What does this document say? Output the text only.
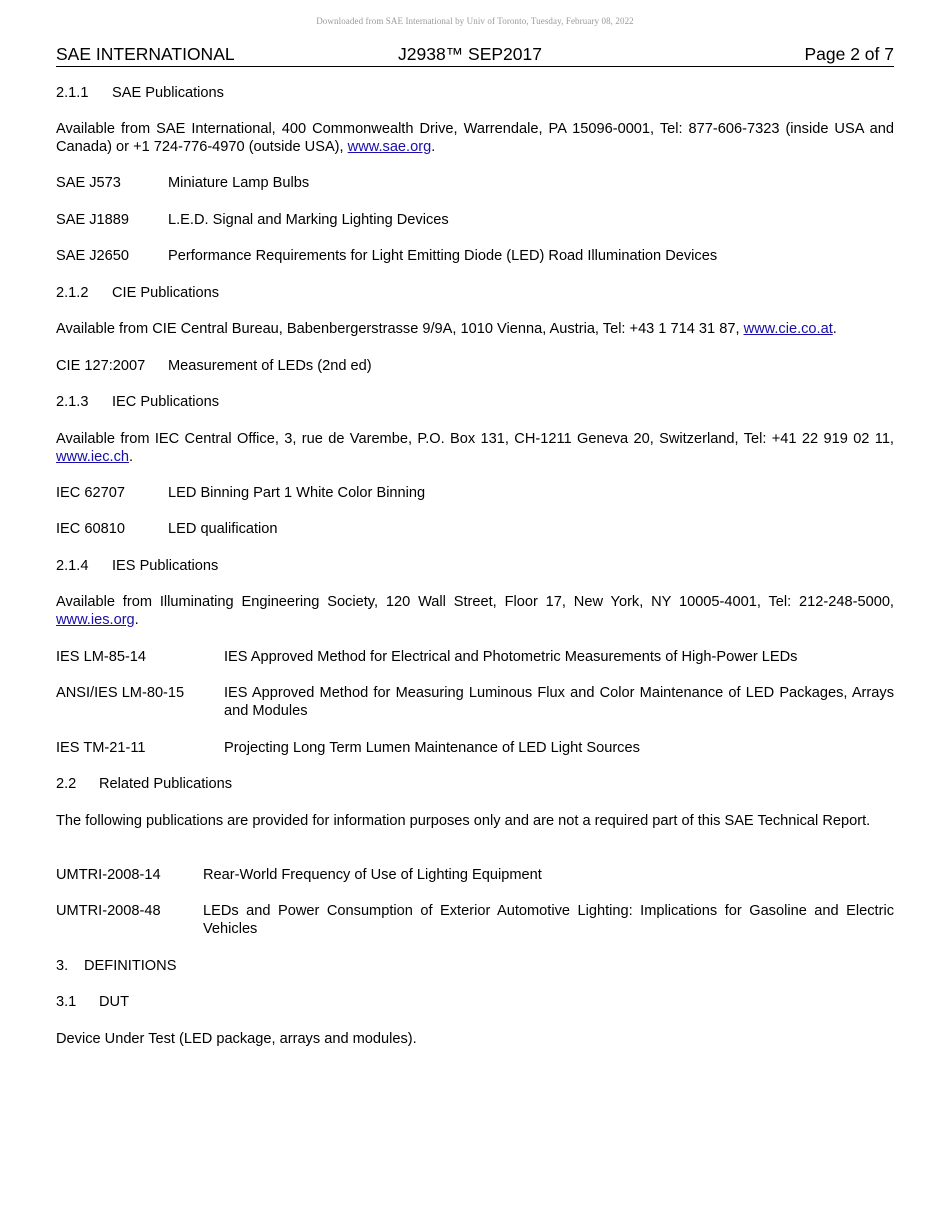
Downloaded from SAE International by Univ of Toronto, Tuesday, February 08, 2022
SAE INTERNATIONAL	J2938™ SEP2017	Page 2 of 7
2.1.1 SAE Publications
Available from SAE International, 400 Commonwealth Drive, Warrendale, PA 15096-0001, Tel: 877-606-7323 (inside USA and Canada) or +1 724-776-4970 (outside USA), www.sae.org.
SAE J573	Miniature Lamp Bulbs
SAE J1889	L.E.D. Signal and Marking Lighting Devices
SAE J2650	Performance Requirements for Light Emitting Diode (LED) Road Illumination Devices
2.1.2 CIE Publications
Available from CIE Central Bureau, Babenbergerstrasse 9/9A, 1010 Vienna, Austria, Tel: +43 1 714 31 87, www.cie.co.at.
CIE 127:2007 Measurement of LEDs (2nd ed)
2.1.3 IEC Publications
Available from IEC Central Office, 3, rue de Varembe, P.O. Box 131, CH-1211 Geneva 20, Switzerland, Tel: +41 22 919 02 11, www.iec.ch.
IEC 62707	LED Binning Part 1 White Color Binning
IEC 60810	LED qualification
2.1.4 IES Publications
Available from Illuminating Engineering Society, 120 Wall Street, Floor 17, New York, NY 10005-4001, Tel: 212-248-5000, www.ies.org.
IES LM-85-14	IES Approved Method for Electrical and Photometric Measurements of High-Power LEDs
ANSI/IES LM-80-15	IES Approved Method for Measuring Luminous Flux and Color Maintenance of LED Packages, Arrays and Modules
IES TM-21-11	Projecting Long Term Lumen Maintenance of LED Light Sources
2.2 Related Publications
The following publications are provided for information purposes only and are not a required part of this SAE Technical Report.
UMTRI-2008-14	Rear-World Frequency of Use of Lighting Equipment
UMTRI-2008-48	LEDs and Power Consumption of Exterior Automotive Lighting: Implications for Gasoline and Electric Vehicles
3. DEFINITIONS
3.1 DUT
Device Under Test (LED package, arrays and modules).
